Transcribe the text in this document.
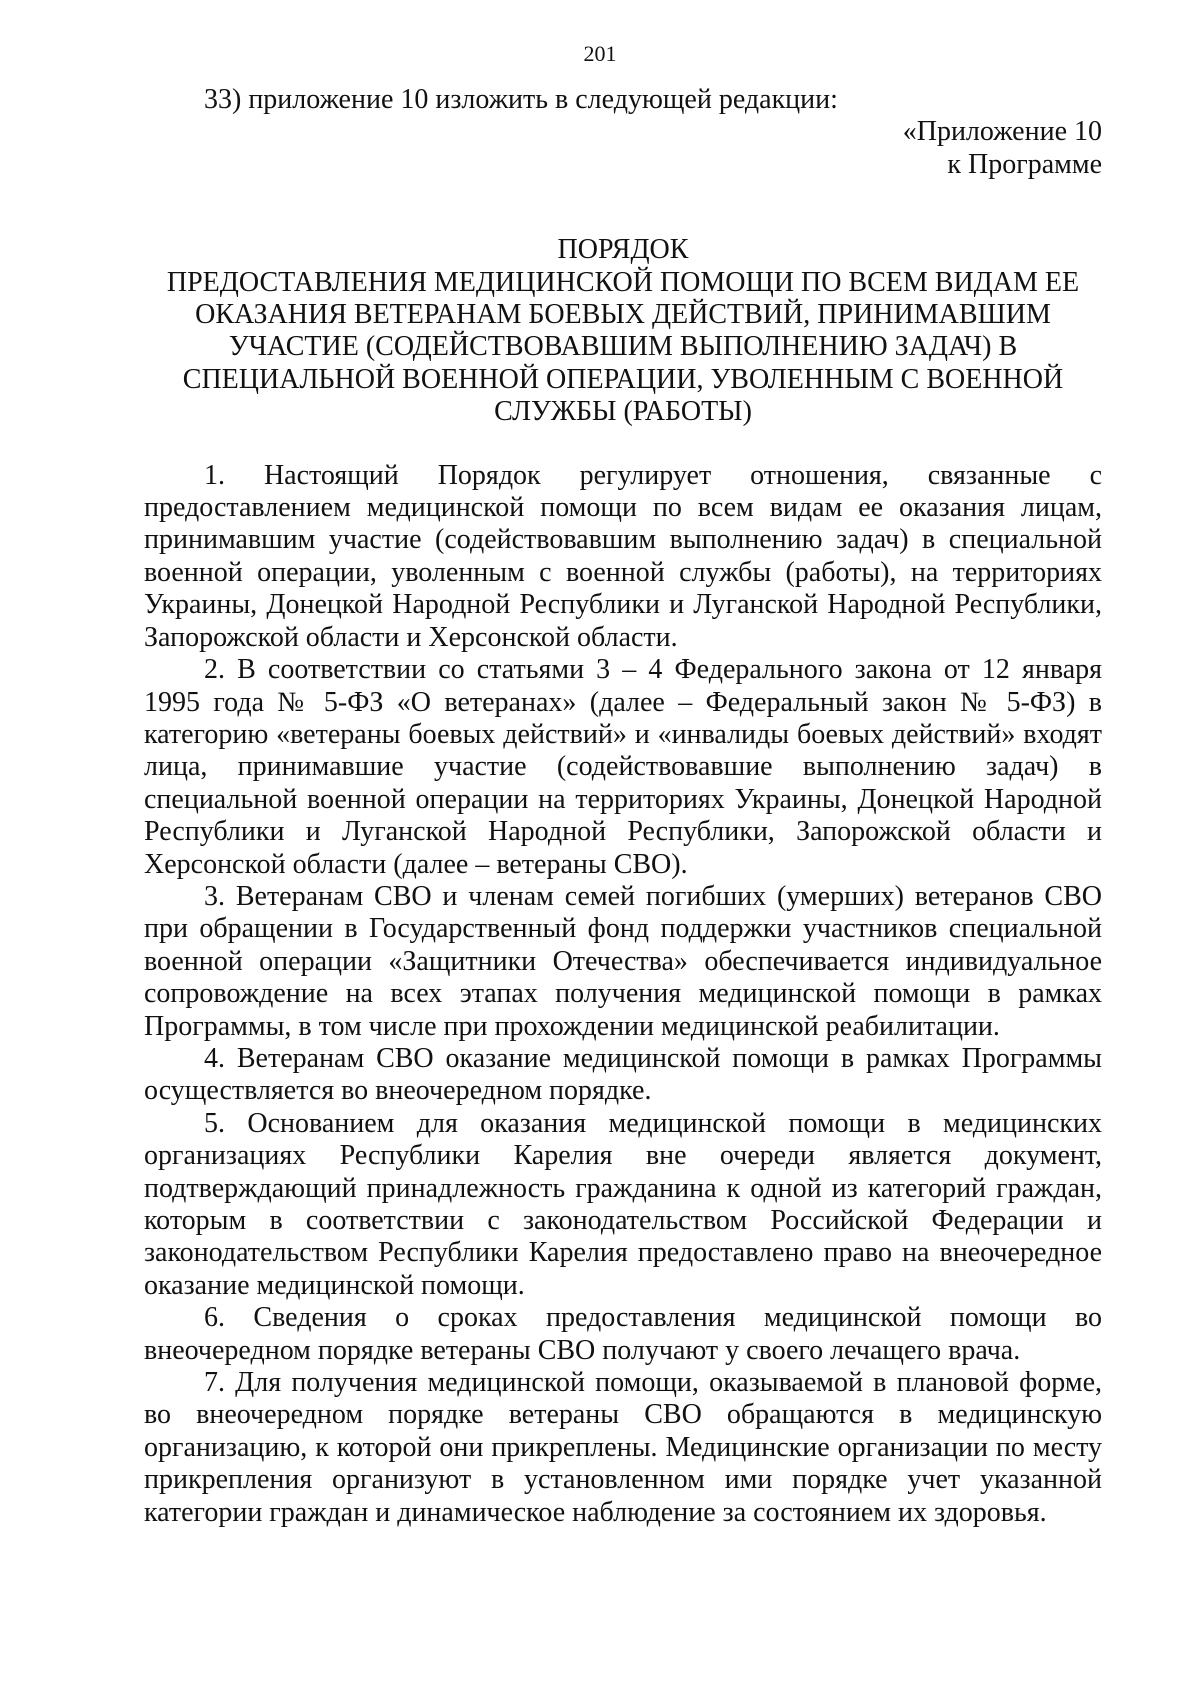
201

33) приложение 10 изложить в следующей редакции:

«Приложение 10
к Программе

ПОРЯДОК
ПРЕДОСТАВЛЕНИЯ МЕДИЦИНСКОЙ ПОМОЩИ ПО ВСЕМ ВИДАМ ЕЕ
ОКАЗАНИЯ ВЕТЕРАНАМ БОЕВЫХ ДЕЙСТВИЙ, ПРИНИМАВШИМ
УЧАСТИЕ (СОДЕЙСТВОВАВШИМ ВЫПОЛНЕНИЮ ЗАДАЧ) В
СПЕЦИАЛЬНОЙ ВОЕННОЙ ОПЕРАЦИИ, УВОЛЕННЫМ С ВОЕННОЙ
СЛУЖБЫ (РАБОТЫ)

1. Настоящий Порядок регулирует отношения, связанные с предоставлением медицинской помощи по всем видам ее оказания лицам, принимавшим участие (содействовавшим выполнению задач) в специальной военной операции, уволенным с военной службы (работы), на территориях Украины, Донецкой Народной Республики и Луганской Народной Республики, Запорожской области и Херсонской области.

2. В соответствии со статьями 3 – 4 Федерального закона от 12 января 1995 года № 5-ФЗ «О ветеранах» (далее – Федеральный закон № 5-ФЗ) в категорию «ветераны боевых действий» и «инвалиды боевых действий» входят лица, принимавшие участие (содействовавшие выполнению задач) в специальной военной операции на территориях Украины, Донецкой Народной Республики и Луганской Народной Республики, Запорожской области и Херсонской области (далее – ветераны СВО).

3. Ветеранам СВО и членам семей погибших (умерших) ветеранов СВО при обращении в Государственный фонд поддержки участников специальной военной операции «Защитники Отечества» обеспечивается индивидуальное сопровождение на всех этапах получения медицинской помощи в рамках Программы, в том числе при прохождении медицинской реабилитации.

4. Ветеранам СВО оказание медицинской помощи в рамках Программы осуществляется во внеочередном порядке.

5. Основанием для оказания медицинской помощи в медицинских организациях Республики Карелия вне очереди является документ, подтверждающий принадлежность гражданина к одной из категорий граждан, которым в соответствии с законодательством Российской Федерации и законодательством Республики Карелия предоставлено право на внеочередное оказание медицинской помощи.

6. Сведения о сроках предоставления медицинской помощи во внеочередном порядке ветераны СВО получают у своего лечащего врача.

7. Для получения медицинской помощи, оказываемой в плановой форме, во внеочередном порядке ветераны СВО обращаются в медицинскую организацию, к которой они прикреплены. Медицинские организации по месту прикрепления организуют в установленном ими порядке учет указанной категории граждан и динамическое наблюдение за состоянием их здоровья.
